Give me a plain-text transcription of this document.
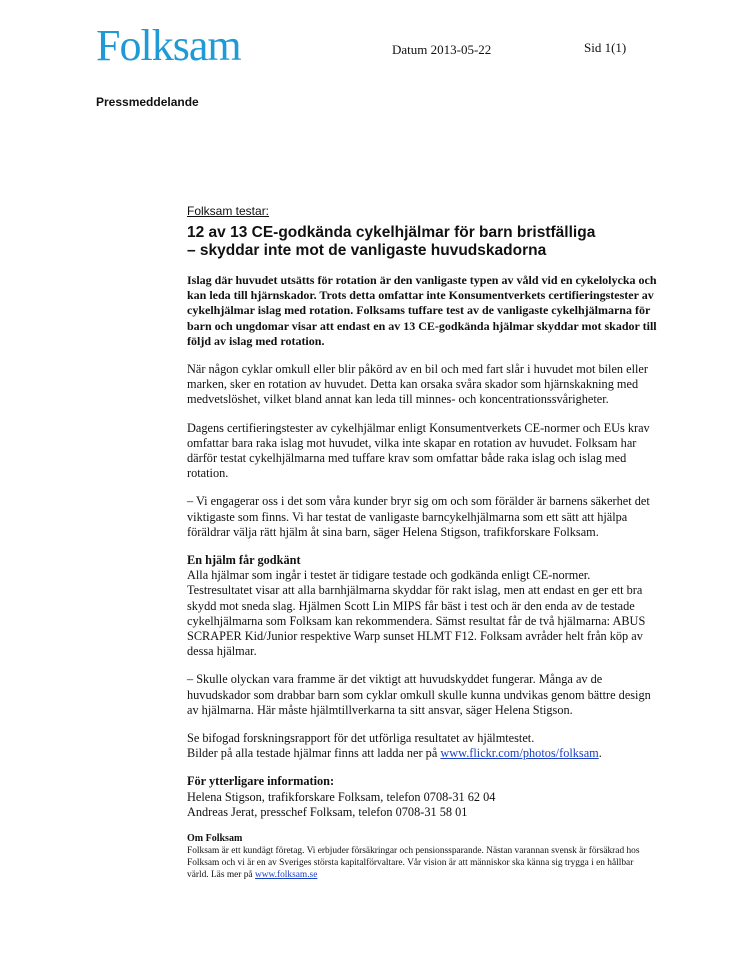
Folksam	Datum 2013-05-22	Sid 1(1)
Pressmeddelande
Folksam testar:
12 av 13 CE-godkända cykelhjälmar för barn bristfälliga
– skyddar inte mot de vanligaste huvudskadorna

Islag där huvudet utsätts för rotation är den vanligaste typen av våld vid en cykelolycka och kan leda till hjärnskador. Trots detta omfattar inte Konsumentverkets certifieringstester av cykelhjälmar islag med rotation. Folksams tuffare test av de vanligaste cykelhjälmarna för barn och ungdomar visar att endast en av 13 CE-godkända hjälmar skyddar mot skador till följd av islag med rotation.

När någon cyklar omkull eller blir påkörd av en bil och med fart slår i huvudet mot bilen eller marken, sker en rotation av huvudet. Detta kan orsaka svåra skador som hjärnskakning med medvetslöshet, vilket bland annat kan leda till minnes- och koncentrationssvårigheter.

Dagens certifieringstester av cykelhjälmar enligt Konsumentverkets CE-normer och EUs krav omfattar bara raka islag mot huvudet, vilka inte skapar en rotation av huvudet. Folksam har därför testat cykelhjälmarna med tuffare krav som omfattar både raka islag och islag med rotation.

– Vi engagerar oss i det som våra kunder bryr sig om och som förälder är barnens säkerhet det viktigaste som finns. Vi har testat de vanligaste barncykelhjälmarna som ett sätt att hjälpa föräldrar välja rätt hjälm åt sina barn, säger Helena Stigson, trafikforskare Folksam.

En hjälm får godkänt
Alla hjälmar som ingår i testet är tidigare testade och godkända enligt CE-normer. Testresultatet visar att alla barnhjälmarna skyddar för rakt islag, men att endast en ger ett bra skydd mot sneda slag. Hjälmen Scott Lin MIPS får bäst i test och är den enda av de testade cykelhjälmarna som Folksam kan rekommendera. Sämst resultat får de två hjälmarna: ABUS SCRAPER Kid/Junior respektive Warp sunset HLMT F12. Folksam avråder helt från köp av dessa hjälmar.

– Skulle olyckan vara framme är det viktigt att huvudskyddet fungerar. Många av de huvudskador som drabbar barn som cyklar omkull skulle kunna undvikas genom bättre design av hjälmarna. Här måste hjälmtillverkarna ta sitt ansvar, säger Helena Stigson.

Se bifogad forskningsrapport för det utförliga resultatet av hjälmtestet.
Bilder på alla testade hjälmar finns att ladda ner på www.flickr.com/photos/folksam.

För ytterligare information:
Helena Stigson, trafikforskare Folksam, telefon 0708-31 62 04
Andreas Jerat, presschef Folksam, telefon 0708-31 58 01

Om Folksam
Folksam är ett kundägt företag. Vi erbjuder försäkringar och pensionssparande. Nästan varannan svensk är försäkrad hos Folksam och vi är en av Sveriges största kapitalförvaltare. Vår vision är att människor ska känna sig trygga i en hållbar värld. Läs mer på www.folksam.se
